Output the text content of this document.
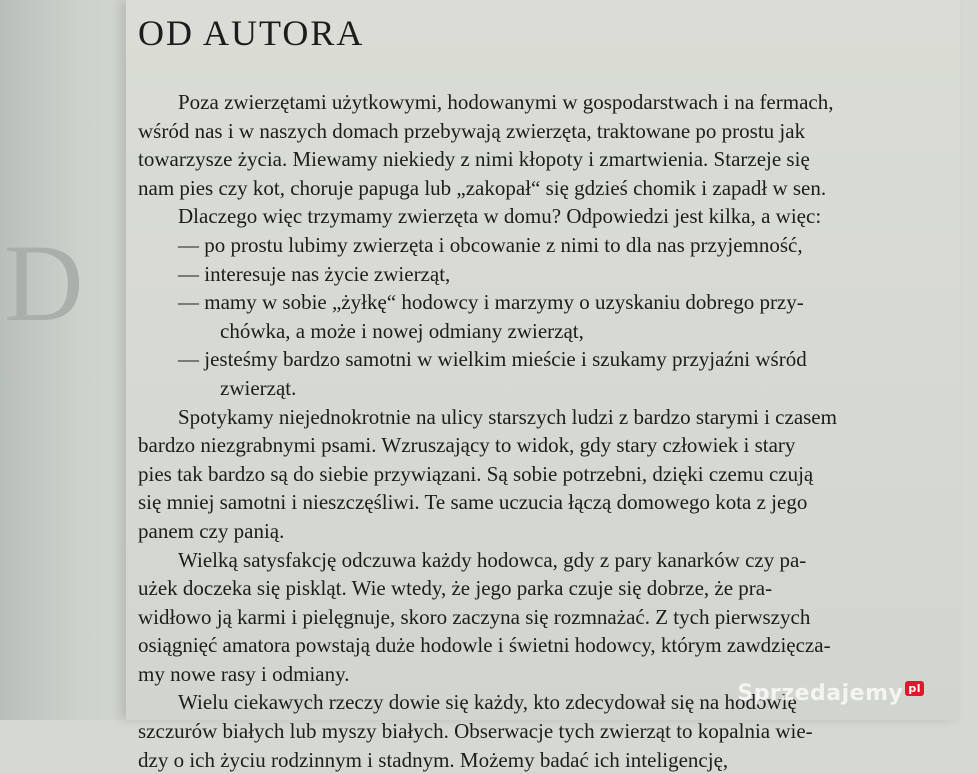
D
OD AUTORA
Poza zwierzętami użytkowymi, hodowanymi w gospodarstwach i na fermach,
wśród nas i w naszych domach przebywają zwierzęta, traktowane po prostu jak
towarzysze życia. Miewamy niekiedy z nimi kłopoty i zmartwienia. Starzeje się
nam pies czy kot, choruje papuga lub „zakopał“ się gdzieś chomik i zapadł w sen.
Dlaczego więc trzymamy zwierzęta w domu? Odpowiedzi jest kilka, a więc:
— po prostu lubimy zwierzęta i obcowanie z nimi to dla nas przyjemność,
— interesuje nas życie zwierząt,
— mamy w sobie „żyłkę“ hodowcy i marzymy o uzyskaniu dobrego przy-
chówka, a może i nowej odmiany zwierząt,
— jesteśmy bardzo samotni w wielkim mieście i szukamy przyjaźni wśród
zwierząt.
Spotykamy niejednokrotnie na ulicy starszych ludzi z bardzo starymi i czasem
bardzo niezgrabnymi psami. Wzruszający to widok, gdy stary człowiek i stary
pies tak bardzo są do siebie przywiązani. Są sobie potrzebni, dzięki czemu czują
się mniej samotni i nieszczęśliwi. Te same uczucia łączą domowego kota z jego
panem czy panią.
Wielką satysfakcję odczuwa każdy hodowca, gdy z pary kanarków czy pa-
użek doczeka się piskląt. Wie wtedy, że jego parka czuje się dobrze, że pra-
widłowo ją karmi i pielęgnuje, skoro zaczyna się rozmnażać. Z tych pierwszych
osiągnięć amatora powstają duże hodowle i świetni hodowcy, którym zawdzięcza-
my nowe rasy i odmiany.
Wielu ciekawych rzeczy dowie się każdy, kto zdecydował się na hodowlę
szczurów białych lub myszy białych. Obserwacje tych zwierząt to kopalnia wie-
dzy o ich życiu rodzinnym i stadnym. Możemy badać ich inteligencję,
Sprzedajemy pl
